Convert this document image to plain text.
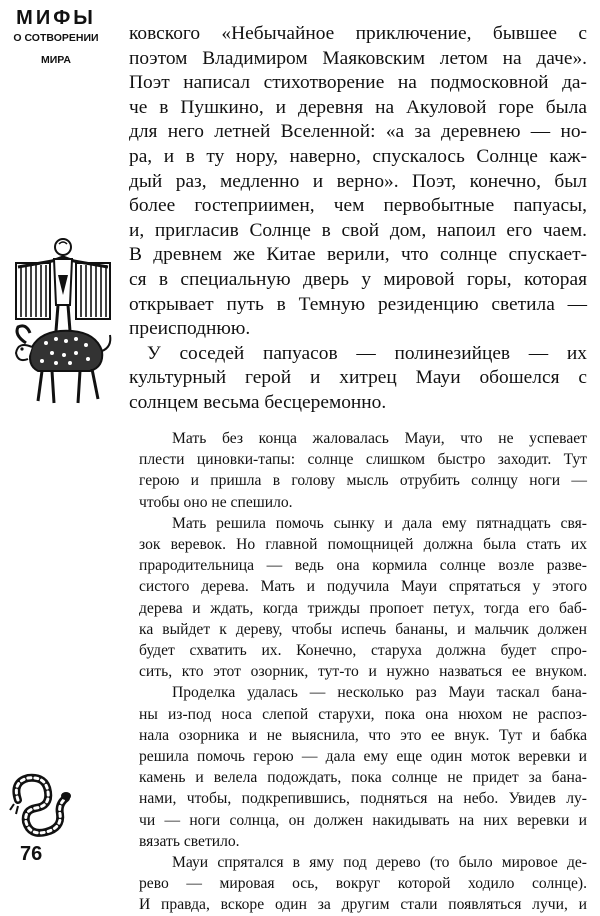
МИФЫ
О СОТВОРЕНИИ
МИРА
ковского «Небычайное приключение, бывшее с
поэтом Владимиром Маяковским летом на даче».
Поэт написал стихотворение на подмосковной да-
че в Пушкино, и деревня на Акуловой горе была
для него летней Вселенной: «а за деревнею — но-
ра, и в ту нору, наверно, спускалось Солнце каж-
дый раз, медленно и верно». Поэт, конечно, был
более гостеприимен, чем первобытные папуасы,
и, пригласив Солнце в свой дом, напоил его чаем.
В древнем же Китае верили, что солнце спускает-
ся в специальную дверь у мировой горы, которая
открывает путь в Темную резиденцию светила —
преисподнюю.
У соседей папуасов — полинезийцев — их
культурный герой и хитрец Мауи обошелся с
солнцем весьма бесцеремонно.
Мать без конца жаловалась Мауи, что не успевает
плести циновки-тапы: солнце слишком быстро заходит. Тут
герою и пришла в голову мысль отрубить солнцу ноги —
чтобы оно не спешило.
Мать решила помочь сынку и дала ему пятнадцать свя-
зок веревок. Но главной помощницей должна была стать их
прародительница — ведь она кормила солнце возле разве-
систого дерева. Мать и подучила Мауи спрятаться у этого
дерева и ждать, когда трижды пропоет петух, тогда его баб-
ка выйдет к дереву, чтобы испечь бананы, и мальчик должен
будет схватить их. Конечно, старуха должна будет спро-
сить, кто этот озорник, тут-то и нужно назваться ее внуком.
Проделка удалась — несколько раз Мауи таскал бана-
ны из-под носа слепой старухи, пока она нюхом не распоз-
нала озорника и не выяснила, что это ее внук. Тут и бабка
решила помочь герою — дала ему еще один моток веревки и
камень и велела подождать, пока солнце не придет за бана-
нами, чтобы, подкрепившись, подняться на небо. Увидев лу-
чи — ноги солнца, он должен накидывать на них веревки и
вязать светило.
Мауи спрятался в яму под дерево (то было мировое де-
рево — мировая ось, вокруг которой ходило солнце).
И правда, вскоре один за другим стали появляться лучи, и
76
